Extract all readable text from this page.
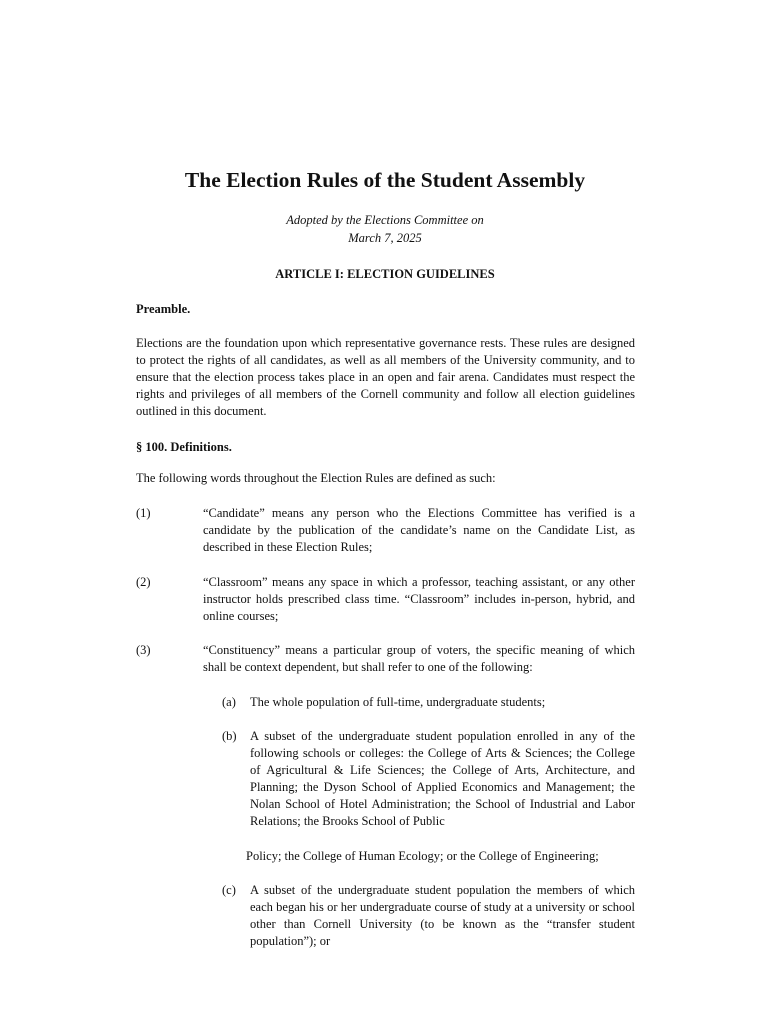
The Election Rules of the Student Assembly
Adopted by the Elections Committee on
March 7, 2025
ARTICLE I: ELECTION GUIDELINES
Preamble.
Elections are the foundation upon which representative governance rests. These rules are designed to protect the rights of all candidates, as well as all members of the University community, and to ensure that the election process takes place in an open and fair arena. Candidates must respect the rights and privileges of all members of the Cornell community and follow all election guidelines outlined in this document.
§ 100. Definitions.
The following words throughout the Election Rules are defined as such:
(1)	“Candidate” means any person who the Elections Committee has verified is a candidate by the publication of the candidate’s name on the Candidate List, as described in these Election Rules;
(2)	“Classroom” means any space in which a professor, teaching assistant, or any other instructor holds prescribed class time. “Classroom” includes in-person, hybrid, and online courses;
(3)	“Constituency” means a particular group of voters, the specific meaning of which shall be context dependent, but shall refer to one of the following:
(a) The whole population of full-time, undergraduate students;
(b) A subset of the undergraduate student population enrolled in any of the following schools or colleges: the College of Arts & Sciences; the College of Agricultural & Life Sciences; the College of Arts, Architecture, and Planning; the Dyson School of Applied Economics and Management; the Nolan School of Hotel Administration; the School of Industrial and Labor Relations; the Brooks School of Public
Policy; the College of Human Ecology; or the College of Engineering;
(c) A subset of the undergraduate student population the members of which each began his or her undergraduate course of study at a university or school other than Cornell University (to be known as the “transfer student population”); or
